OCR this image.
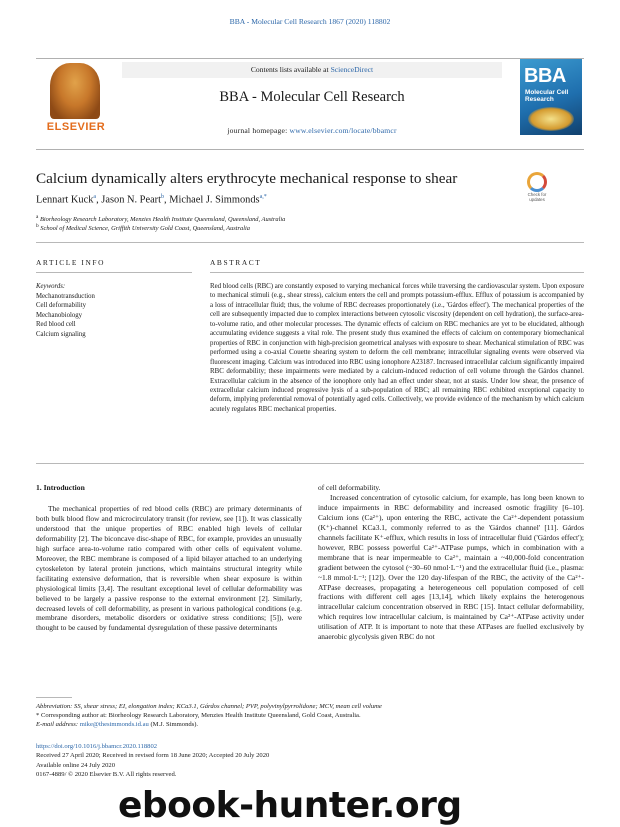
BBA - Molecular Cell Research 1867 (2020) 118802
ELSEVIER
Contents lists available at ScienceDirect
BBA - Molecular Cell Research
journal homepage: www.elsevier.com/locate/bbamcr
BBA
Molecular Cell Research
Calcium dynamically alters erythrocyte mechanical response to shear
Check for updates
Lennart Kuck$^a$, Jason N. Peart$^b$, Michael J. Simmonds$^{a,*}$
$^a$ Biorheology Research Laboratory, Menzies Health Institute Queensland, Queensland, Australia
$^b$ School of Medical Science, Griffith University Gold Coast, Queensland, Australia
ARTICLE INFO	ABSTRACT
Keywords:
Mechanotransduction
Cell deformability
Mechanobiology
Red blood cell
Calcium signaling
Red blood cells (RBC) are constantly exposed to varying mechanical forces while traversing the cardiovascular system. Upon exposure to mechanical stimuli (e.g., shear stress), calcium enters the cell and prompts potassium-efflux. Efflux of potassium is accompanied by a loss of intracellular fluid; thus, the volume of RBC decreases proportionately (i.e., 'Gárdos effect'). The mechanical properties of the cell are subsequently impacted due to complex interactions between cytosolic viscosity (dependent on cell hydration), the surface-area-to-volume ratio, and other molecular processes. The dynamic effects of calcium on RBC mechanics are yet to be elucidated, although accumulating evidence suggests a vital role. The present study thus examined the effects of calcium on contemporary biomechanical properties of RBC in conjunction with high-precision geometrical analyses with exposure to shear. Mechanical stimulation of RBC was performed using a co-axial Couette shearing system to deform the cell membrane; intracellular signaling events were observed via fluorescent imaging. Calcium was introduced into RBC using ionophore A23187. Increased intracellular calcium significantly impaired RBC deformability; these impairments were mediated by a calcium-induced reduction of cell volume through the Gárdos channel. Extracellular calcium in the absence of the ionophore only had an effect under shear, not at stasis. Under low shear, the presence of extracellular calcium induced progressive lysis of a sub-population of RBC; all remaining RBC exhibited exceptional capacity to deform, implying preferential removal of potentially aged cells. Collectively, we provide evidence of the mechanism by which calcium acutely regulates RBC mechanical properties.
1. Introduction

The mechanical properties of red blood cells (RBC) are primary determinants of both bulk blood flow and microcirculatory transit (for review, see [1]). It was classically understood that the unique properties of RBC enabled high levels of cellular deformability [2]. The biconcave disc-shape of RBC, for example, provides an unusually high surface area-to-volume ratio compared with other cells of equivalent volume. Moreover, the RBC membrane is composed of a lipid bilayer attached to an underlying cytoskeleton by lateral protein junctions, which maintains structural integrity while facilitating extensive deformation, that is reversible when shear exposure is within physiological limits [3,4]. The resultant exceptional level of cellular deformability was believed to be largely a passive response to the external environment [2]. Similarly, decreased levels of cell deformability, as present in various pathological conditions (e.g. membrane disorders, metabolic disorders or oxidative stress conditions; [5]), were thought to be caused by fundamental dysregulation of these passive determinants

of cell deformability.

Increased concentration of cytosolic calcium, for example, has long been known to induce impairments in RBC deformability and increased osmotic fragility [6–10]. Calcium ions (Ca²⁺), upon entering the RBC, activate the Ca²⁺-dependent potassium (K⁺)-channel KCa3.1, commonly referred to as the 'Gárdos channel' [11]. Gárdos channels facilitate K⁺-efflux, which results in loss of intracellular fluid ('Gárdos effect'); however, RBC possess powerful Ca²⁺-ATPase pumps, which in combination with a membrane that is near impermeable to Ca²⁺, maintain a ~40,000-fold concentration gradient between the cytosol (~30–60 nmol·L⁻¹) and the extracellular fluid (i.e., plasma: ~1.8 mmol·L⁻¹; [12]). Over the 120 day-lifespan of the RBC, the activity of the Ca²⁺-ATPase decreases, propagating a heterogeneous cell population composed of cell fractions with different cell ages [13,14], which likely explains the heterogenous intracellular calcium concentration observed in RBC [15]. Intact cellular deformability, which requires low intracellular calcium, is maintained by Ca²⁺-ATPase activity under utilisation of ATP. It is important to note that these ATPases are fuelled exclusively by anaerobic glycolysis given RBC do not

Abbreviation: SS, shear stress; EI, elongation index; KCa3.1, Gárdos channel; PVP, polyvinylpyrrolidone; MCV, mean cell volume
* Corresponding author at: Biorheology Research Laboratory, Menzies Health Institute Queensland, Gold Coast, Australia.
E-mail address: mike@thesimmonds.id.au (M.J. Simmonds).
https://doi.org/10.1016/j.bbamcr.2020.118802
Received 27 April 2020; Received in revised form 18 June 2020; Accepted 20 July 2020
Available online 24 July 2020
0167-4889/ © 2020 Elsevier B.V. All rights reserved.
ebook-hunter.org
